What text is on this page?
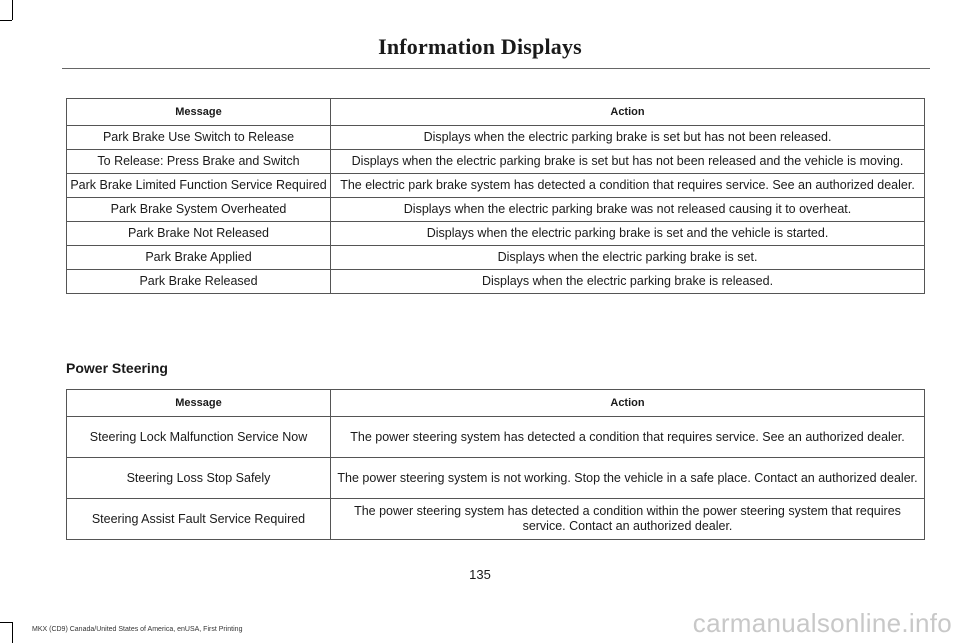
Information Displays
Message	Action
Park Brake Use Switch to Release	Displays when the electric parking brake is set but has not been released.
To Release: Press Brake and Switch	Displays when the electric parking brake is set but has not been released and the vehicle is moving.
Park Brake Limited Function Service Required	The electric park brake system has detected a condition that requires service. See an authorized dealer.
Park Brake System Overheated	Displays when the electric parking brake was not released causing it to overheat.
Park Brake Not Released	Displays when the electric parking brake is set and the vehicle is started.
Park Brake Applied	Displays when the electric parking brake is set.
Park Brake Released	Displays when the electric parking brake is released.
Power Steering
Message	Action
Steering Lock Malfunction Service Now	The power steering system has detected a condition that requires service. See an authorized dealer.
Steering Loss Stop Safely	The power steering system is not working. Stop the vehicle in a safe place. Contact an authorized dealer.
Steering Assist Fault Service Required	The power steering system has detected a condition within the power steering system that requires service. Contact an authorized dealer.
135
MKX (CD9) Canada/United States of America, enUSA, First Printing	carmanualsonline.info
